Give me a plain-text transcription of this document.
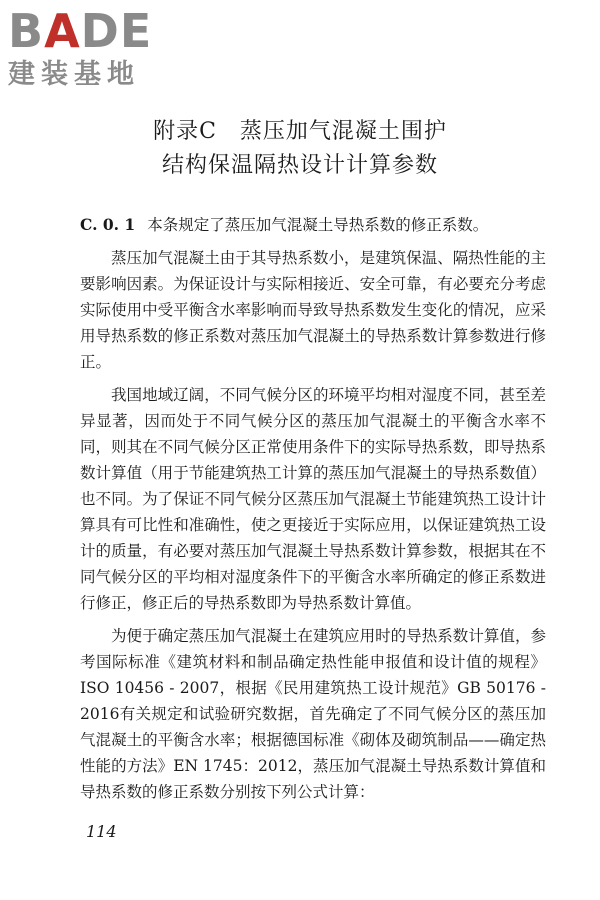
BADE
建装基地
附录C　蒸压加气混凝土围护
结构保温隔热设计计算参数

C. 0. 1 本条规定了蒸压加气混凝土导热系数的修正系数。

蒸压加气混凝土由于其导热系数小，是建筑保温、隔热性能的主要影响因素。为保证设计与实际相接近、安全可靠，有必要充分考虑实际使用中受平衡含水率影响而导致导热系数发生变化的情况，应采用导热系数的修正系数对蒸压加气混凝土的导热系数计算参数进行修正。

我国地域辽阔，不同气候分区的环境平均相对湿度不同，甚至差异显著，因而处于不同气候分区的蒸压加气混凝土的平衡含水率不同，则其在不同气候分区正常使用条件下的实际导热系数，即导热系数计算值（用于节能建筑热工计算的蒸压加气混凝土的导热系数值）也不同。为了保证不同气候分区蒸压加气混凝土节能建筑热工设计计算具有可比性和准确性，使之更接近于实际应用，以保证建筑热工设计的质量，有必要对蒸压加气混凝土导热系数计算参数，根据其在不同气候分区的平均相对湿度条件下的平衡含水率所确定的修正系数进行修正，修正后的导热系数即为导热系数计算值。

为便于确定蒸压加气混凝土在建筑应用时的导热系数计算值，参考国际标准《建筑材料和制品确定热性能申报值和设计值的规程》ISO 10456 - 2007，根据《民用建筑热工设计规范》GB 50176 - 2016有关规定和试验研究数据，首先确定了不同气候分区的蒸压加气混凝土的平衡含水率；根据德国标准《砌体及砌筑制品——确定热性能的方法》EN 1745：2012，蒸压加气混凝土导热系数计算值和导热系数的修正系数分别按下列公式计算：

114
